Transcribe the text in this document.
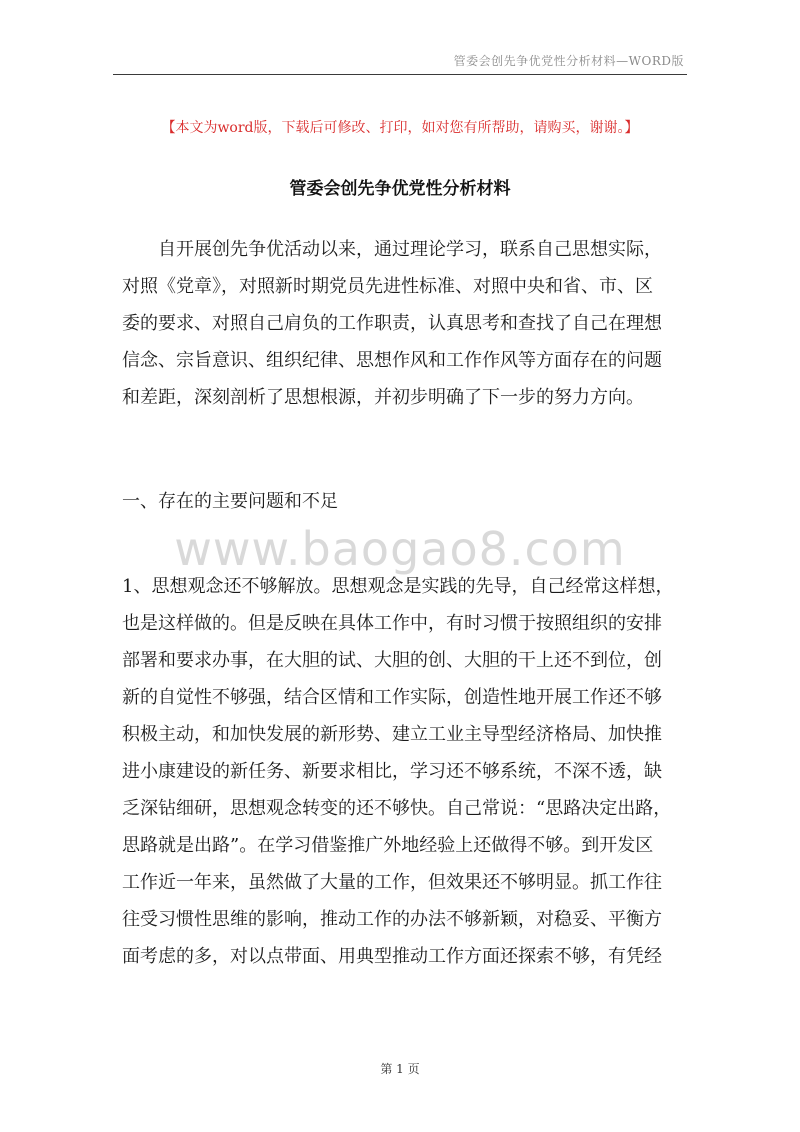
管委会创先争优党性分析材料—WORD版
【本文为word版，下载后可修改、打印，如对您有所帮助，请购买，谢谢。】
管委会创先争优党性分析材料
　　自开展创先争优活动以来，通过理论学习，联系自己思想实际，
对照《党章》，对照新时期党员先进性标准、对照中央和省、市、区
委的要求、对照自己肩负的工作职责，认真思考和查找了自己在理想
信念、宗旨意识、组织纪律、思想作风和工作作风等方面存在的问题
和差距，深刻剖析了思想根源，并初步明确了下一步的努力方向。
一、存在的主要问题和不足
www.baogao8.com
1、思想观念还不够解放。思想观念是实践的先导，自己经常这样想，
也是这样做的。但是反映在具体工作中，有时习惯于按照组织的安排
部署和要求办事，在大胆的试、大胆的创、大胆的干上还不到位，创
新的自觉性不够强，结合区情和工作实际，创造性地开展工作还不够
积极主动，和加快发展的新形势、建立工业主导型经济格局、加快推
进小康建设的新任务、新要求相比，学习还不够系统，不深不透，缺
乏深钻细研，思想观念转变的还不够快。自己常说：“思路决定出路，
思路就是出路”。在学习借鉴推广外地经验上还做得不够。到开发区
工作近一年来，虽然做了大量的工作，但效果还不够明显。抓工作往
往受习惯性思维的影响，推动工作的办法不够新颖，对稳妥、平衡方
面考虑的多，对以点带面、用典型推动工作方面还探索不够，有凭经
第 1 页
